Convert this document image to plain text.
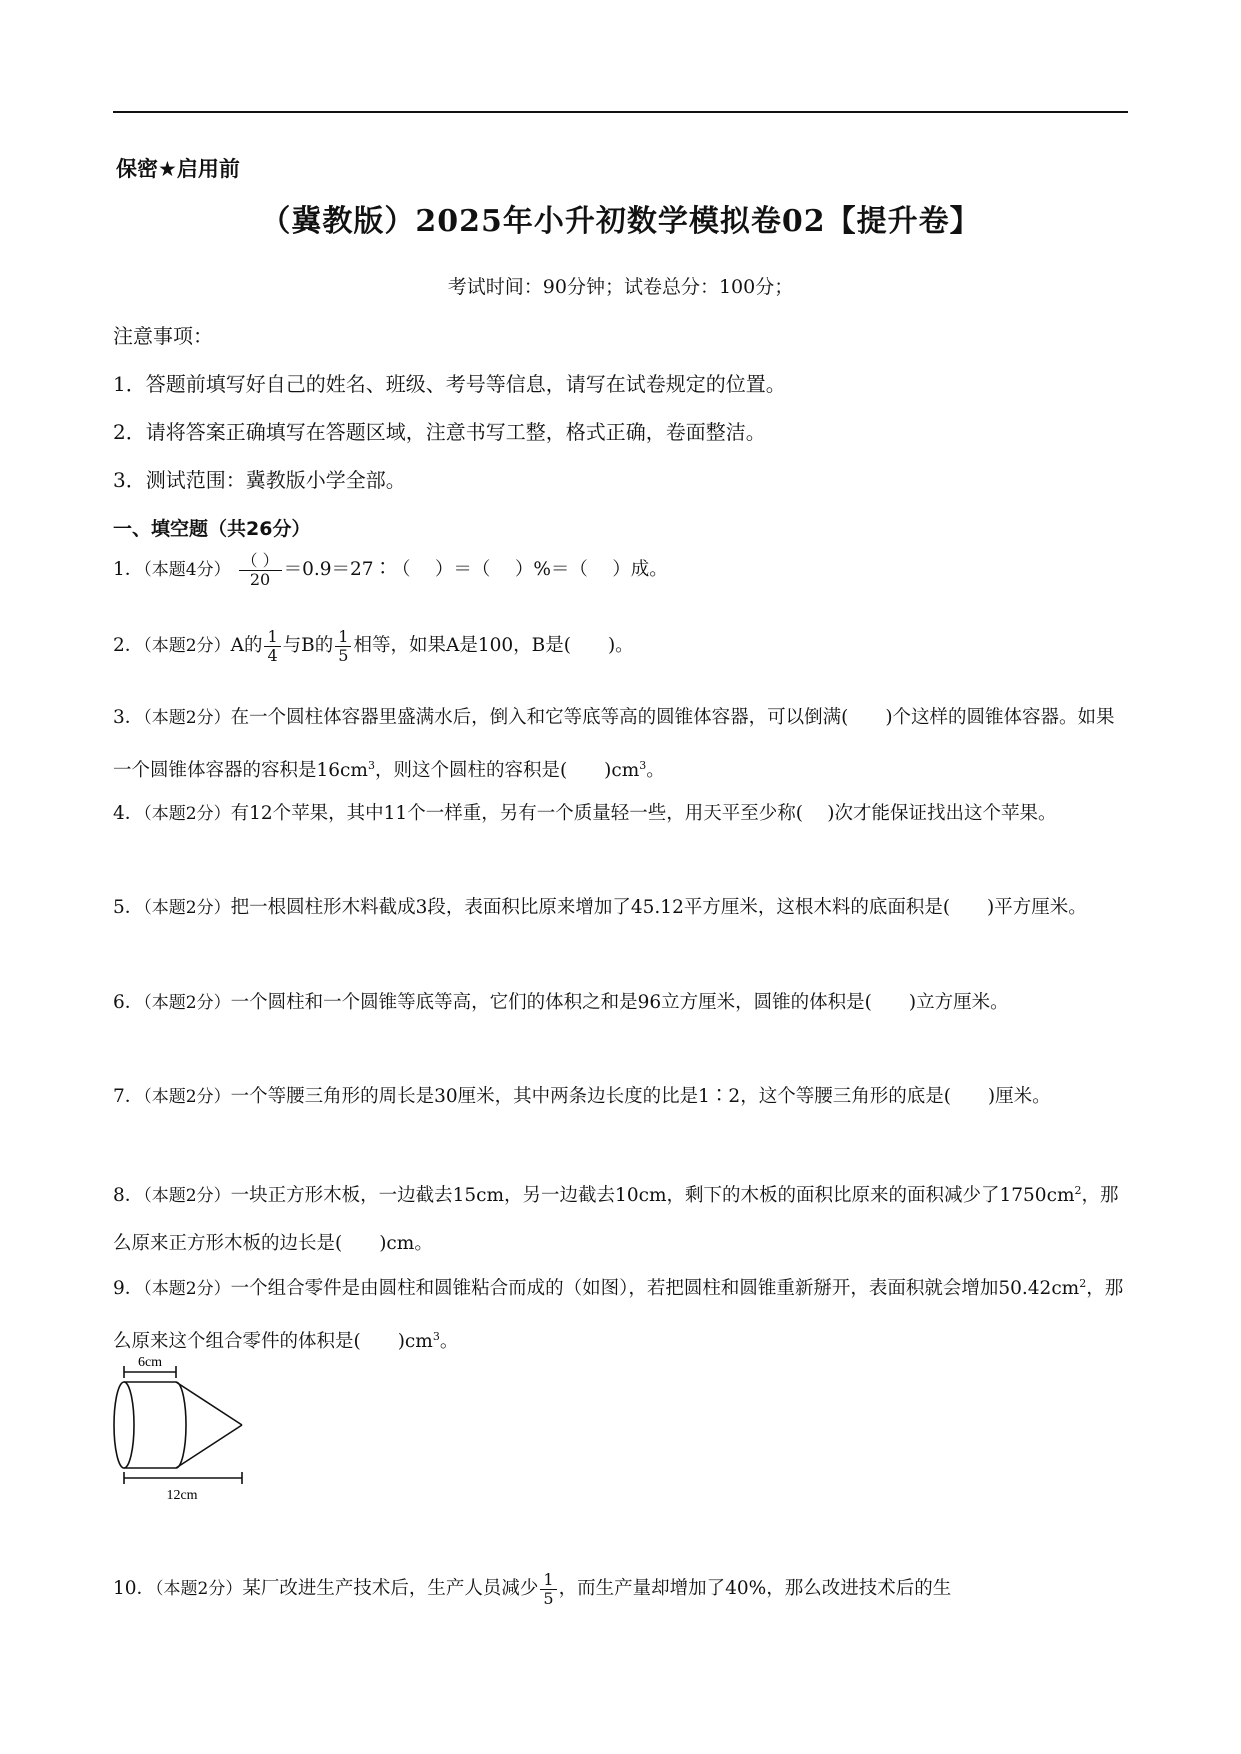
保密★启用前
（冀教版）2025年小升初数学模拟卷02【提升卷】
考试时间：90分钟；试卷总分：100分；
注意事项：
1．答题前填写好自己的姓名、班级、考号等信息，请写在试卷规定的位置。
2．请将答案正确填写在答题区域，注意书写工整，格式正确，卷面整洁。
3．测试范围：冀教版小学全部。
一、填空题（共26分）
1．（本题4分） $\frac{( )}{20}$ ＝0.9＝27∶（　 ）＝（　 ）%＝（　 ）成。
2．（本题2分）A的 $\frac{1}{4}$ 与B的 $\frac{1}{5}$ 相等，如果A是100，B是(　　)。
3．（本题2分）在一个圆柱体容器里盛满水后，倒入和它等底等高的圆锥体容器，可以倒满(　　)个这样的圆锥体容器。如果一个圆锥体容器的容积是$16cm^3$，则这个圆柱的容积是(　　)$cm^3$。
4．（本题2分）有12个苹果，其中11个一样重，另有一个质量轻一些，用天平至少称(　 )次才能保证找出这个苹果。
5．（本题2分）把一根圆柱形木料截成3段，表面积比原来增加了45.12平方厘米，这根木料的底面积是(　　)平方厘米。
6．（本题2分）一个圆柱和一个圆锥等底等高，它们的体积之和是96立方厘米，圆锥的体积是(　　)立方厘米。
7．（本题2分）一个等腰三角形的周长是30厘米，其中两条边长度的比是1∶2，这个等腰三角形的底是(　　)厘米。
8．（本题2分）一块正方形木板，一边截去15cm，另一边截去10cm，剩下的木板的面积比原来的面积减少了$1750cm^2$，那么原来正方形木板的边长是(　　)cm。
9．（本题2分）一个组合零件是由圆柱和圆锥粘合而成的（如图），若把圆柱和圆锥重新掰开，表面积就会增加$50.42cm^2$，那么原来这个组合零件的体积是(　　)$cm^3$。
6cm
12cm
10．（本题2分）某厂改进生产技术后，生产人员减少 $\frac{1}{5}$ ，而生产量却增加了40%，那么改进技术后的生
